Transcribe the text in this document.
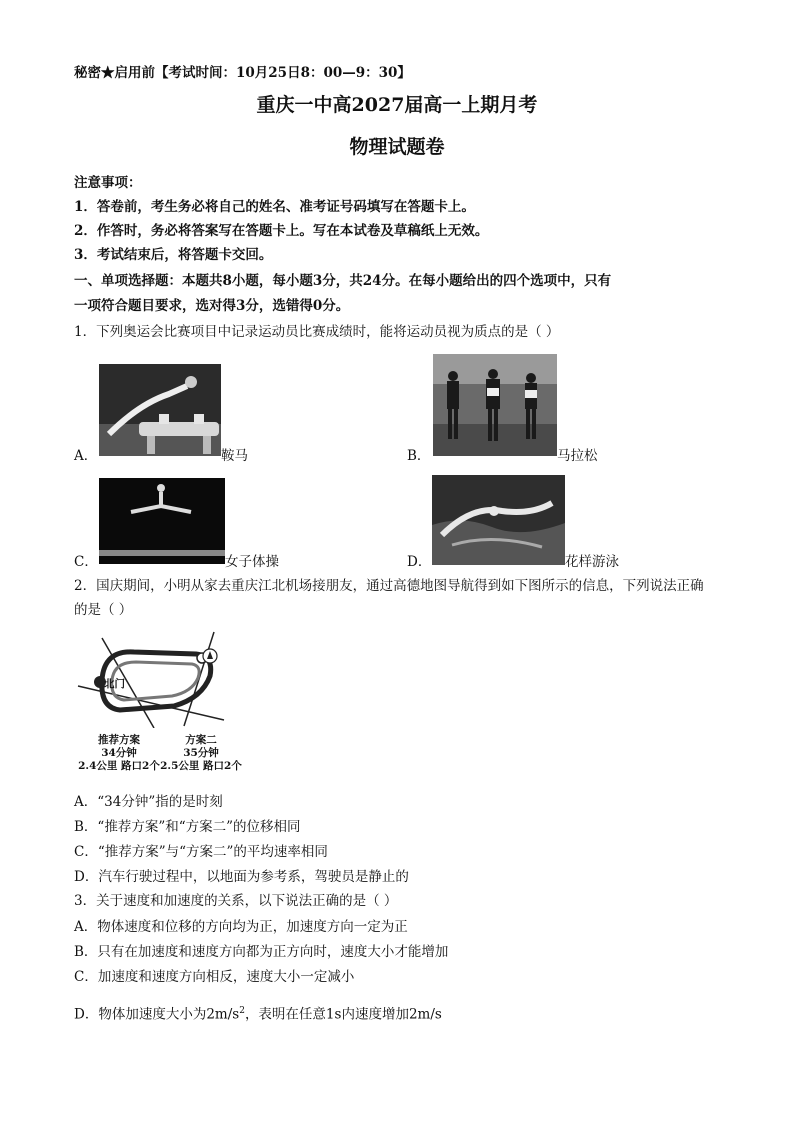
秘密★启用前【考试时间：10月25日8：00—9：30】
重庆一中高2027届高一上期月考
物理试题卷
注意事项：
1．答卷前，考生务必将自己的姓名、准考证号码填写在答题卡上。
2．作答时，务必将答案写在答题卡上。写在本试卷及草稿纸上无效。
3．考试结束后，将答题卡交回。
一、单项选择题：本题共8小题，每小题3分，共24分。在每小题给出的四个选项中，只有
一项符合题目要求，选对得3分，选错得0分。
1．下列奥运会比赛项目中记录运动员比赛成绩时，能将运动员视为质点的是（ ）
A．	鞍马	B．	马拉松
C．	女子体操	D．	花样游泳
2．国庆期间，小明从家去重庆江北机场接朋友，通过高德地图导航得到如下图所示的信息，下列说法正确
的是（ ）
北门
推荐方案
34分钟
2.4公里 路口2个
方案二
35分钟
2.5公里 路口2个
A．“34分钟”指的是时刻
B．“推荐方案”和“方案二”的位移相同
C．“推荐方案”与“方案二”的平均速率相同
D．汽车行驶过程中，以地面为参考系，驾驶员是静止的
3．关于速度和加速度的关系，以下说法正确的是（ ）
A．物体速度和位移的方向均为正，加速度方向一定为正
B．只有在加速度和速度方向都为正方向时，速度大小才能增加
C．加速度和速度方向相反，速度大小一定减小
D．物体加速度大小为$2m/s^2$，表明在任意1s内速度增加2m/s
